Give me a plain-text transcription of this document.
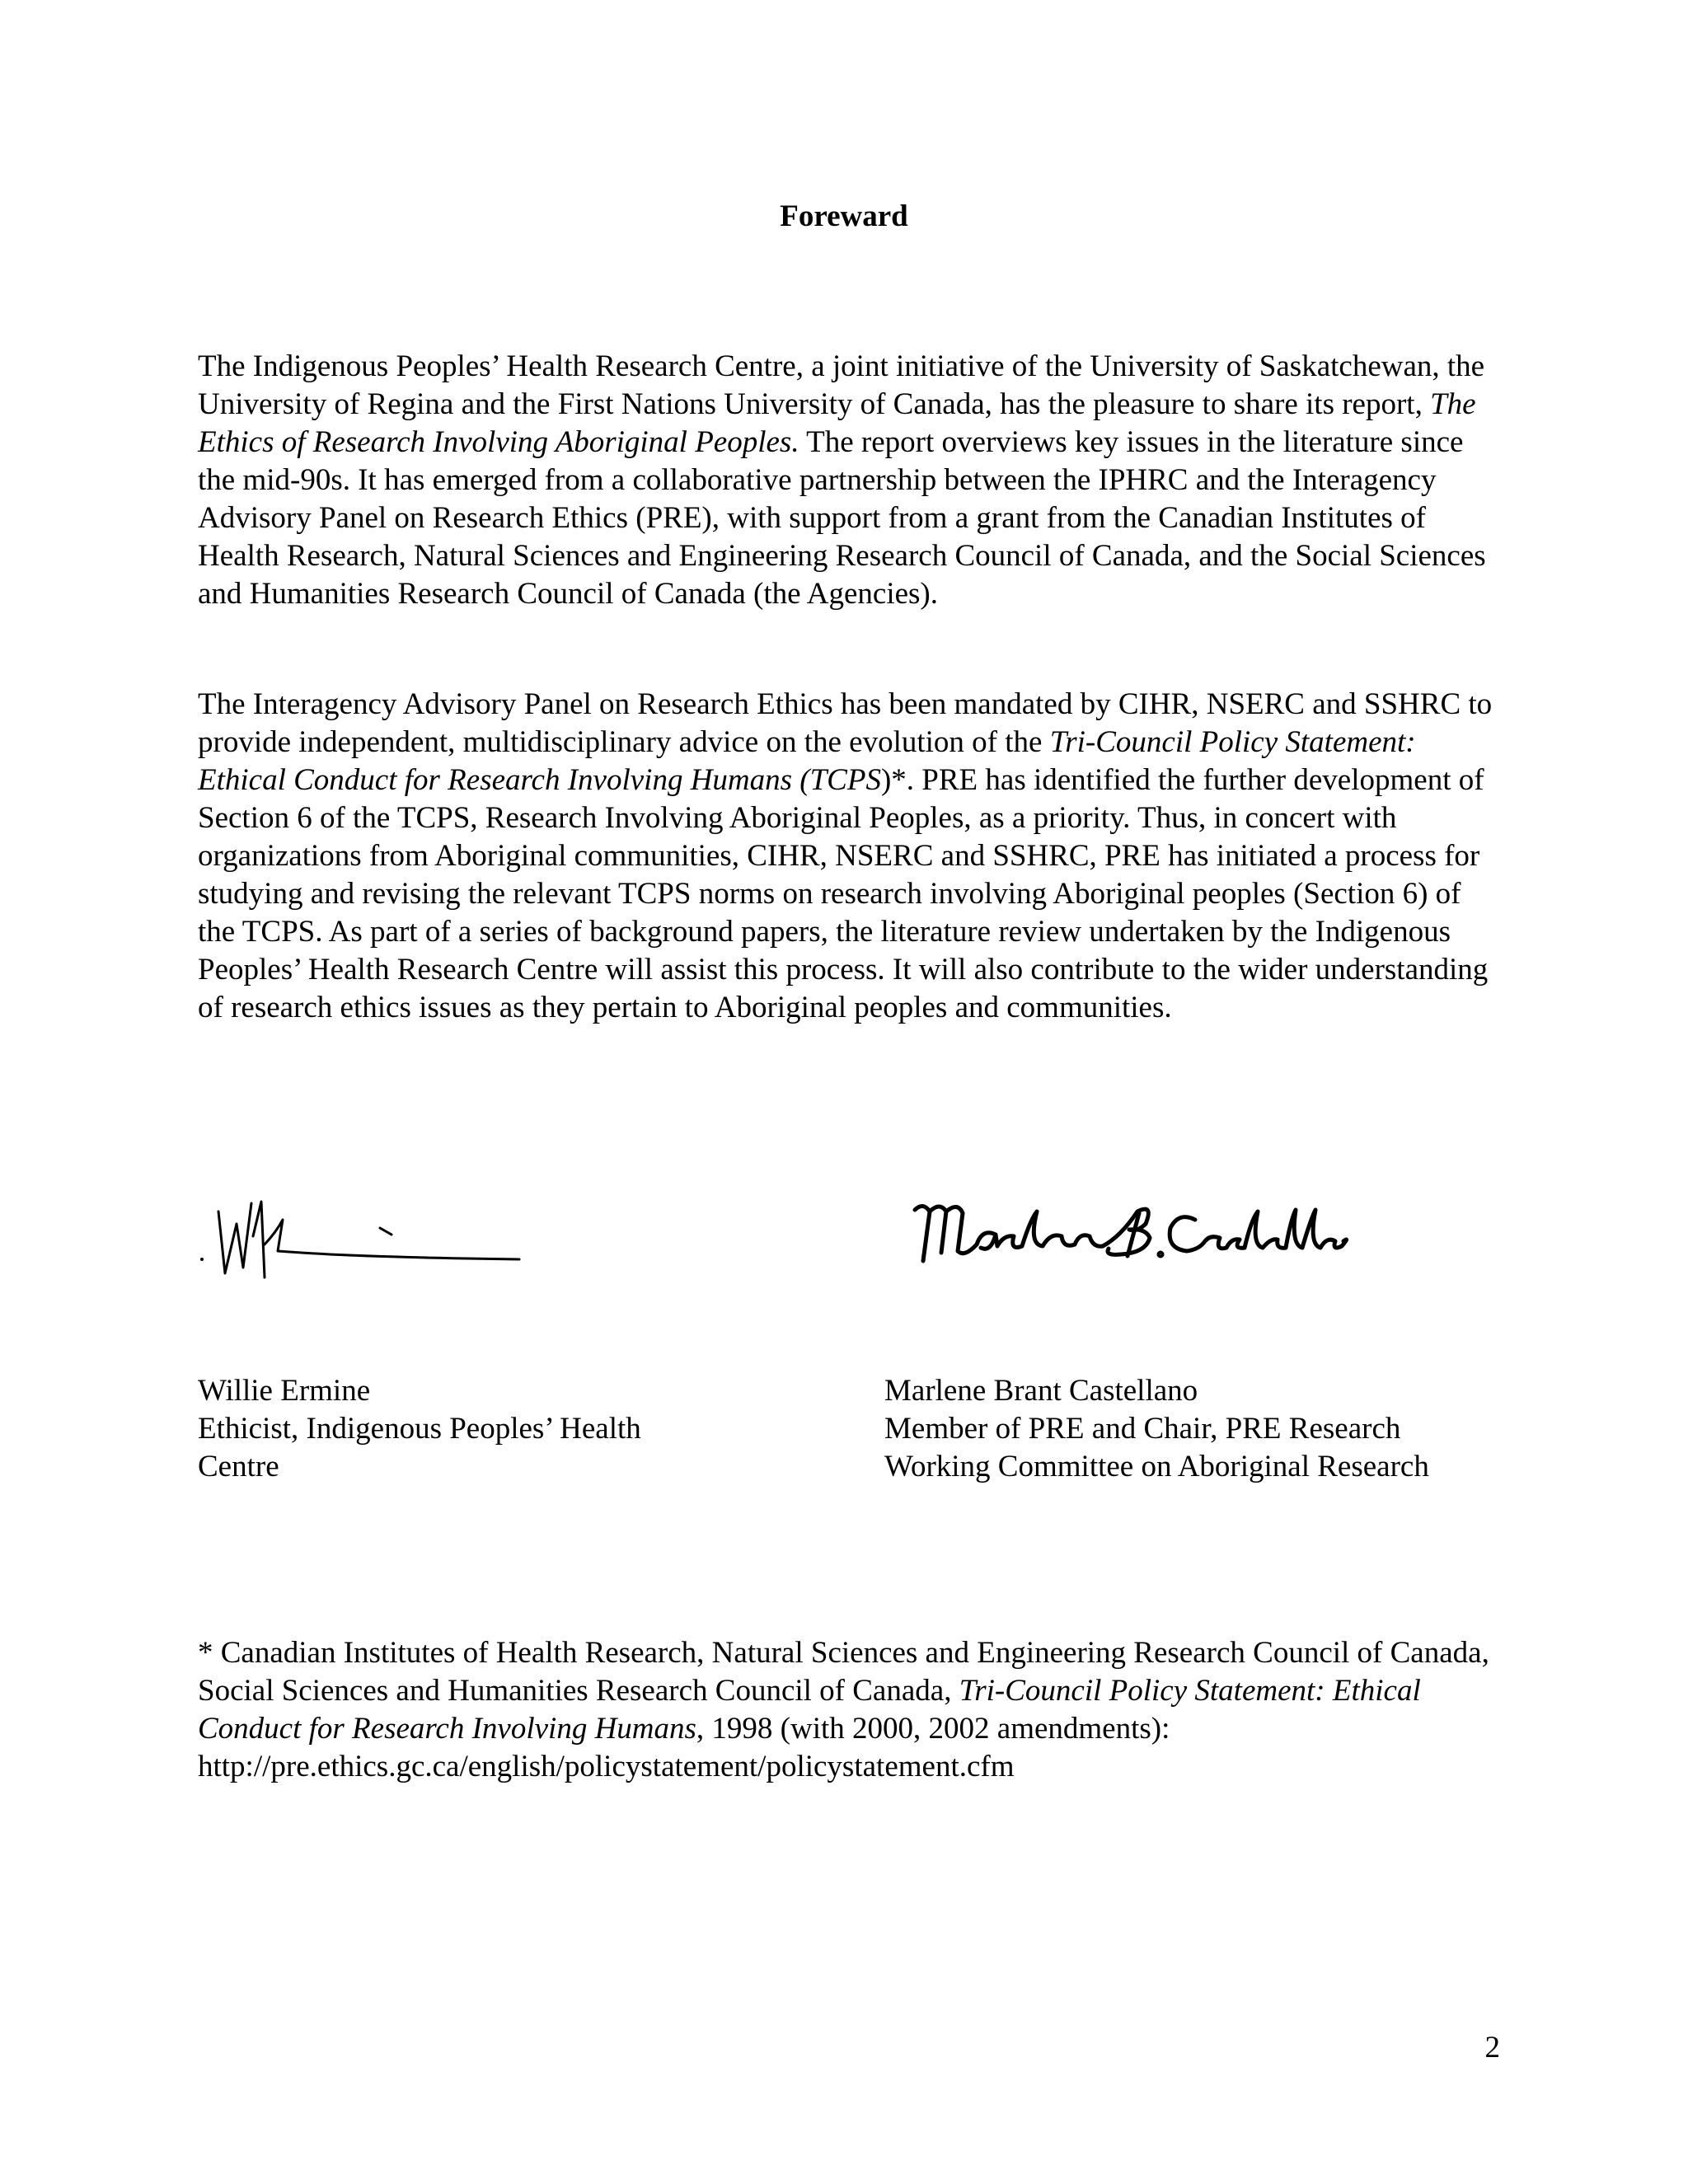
Foreward

The Indigenous Peoples’ Health Research Centre, a joint initiative of the University of Saskatchewan, the University of Regina and the First Nations University of Canada, has the pleasure to share its report, The Ethics of Research Involving Aboriginal Peoples. The report overviews key issues in the literature since the mid-90s. It has emerged from a collaborative partnership between the IPHRC and the Interagency Advisory Panel on Research Ethics (PRE), with support from a grant from the Canadian Institutes of Health Research, Natural Sciences and Engineering Research Council of Canada, and the Social Sciences and Humanities Research Council of Canada (the Agencies).

The Interagency Advisory Panel on Research Ethics has been mandated by CIHR, NSERC and SSHRC to provide independent, multidisciplinary advice on the evolution of the Tri-Council Policy Statement: Ethical Conduct for Research Involving Humans (TCPS)*. PRE has identified the further development of Section 6 of the TCPS, Research Involving Aboriginal Peoples, as a priority. Thus, in concert with organizations from Aboriginal communities, CIHR, NSERC and SSHRC, PRE has initiated a process for studying and revising the relevant TCPS norms on research involving Aboriginal peoples (Section 6) of the TCPS. As part of a series of background papers, the literature review undertaken by the Indigenous Peoples’ Health Research Centre will assist this process. It will also contribute to the wider understanding of research ethics issues as they pertain to Aboriginal peoples and communities.

Willie Ermine
Ethicist, Indigenous Peoples’ Health Centre
Marlene Brant Castellano
Member of PRE and Chair, PRE Research Working Committee on Aboriginal Research

* Canadian Institutes of Health Research, Natural Sciences and Engineering Research Council of Canada, Social Sciences and Humanities Research Council of Canada, Tri-Council Policy Statement: Ethical Conduct for Research Involving Humans, 1998 (with 2000, 2002 amendments): http://pre.ethics.gc.ca/english/policystatement/policystatement.cfm

2
